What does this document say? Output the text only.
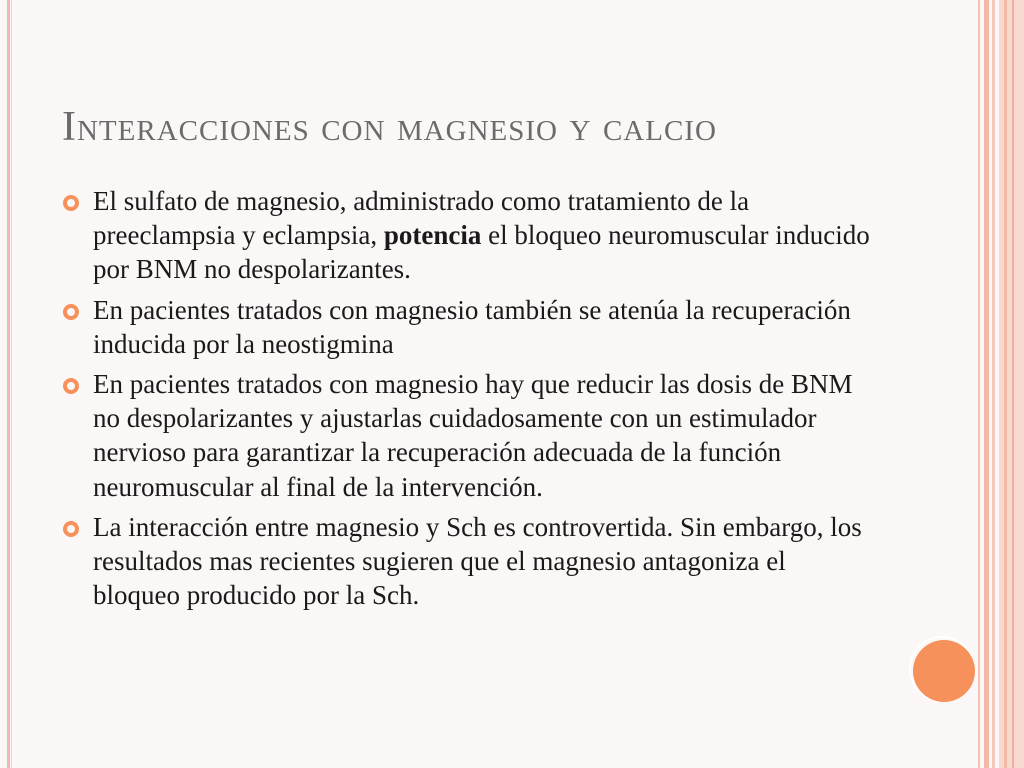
Interacciones con magnesio y calcio
El sulfato de magnesio, administrado como tratamiento de la preeclampsia y eclampsia, potencia el bloqueo neuromuscular inducido por BNM no despolarizantes.
En pacientes tratados con magnesio también se atenúa la recuperación inducida por la neostigmina
En pacientes tratados con magnesio hay que reducir las dosis de BNM no despolarizantes y ajustarlas cuidadosamente con un estimulador nervioso para garantizar la recuperación adecuada de la función neuromuscular al final de la intervención.
La interacción entre magnesio y Sch es controvertida. Sin embargo, los resultados mas recientes sugieren que el magnesio antagoniza el bloqueo producido por la Sch.
